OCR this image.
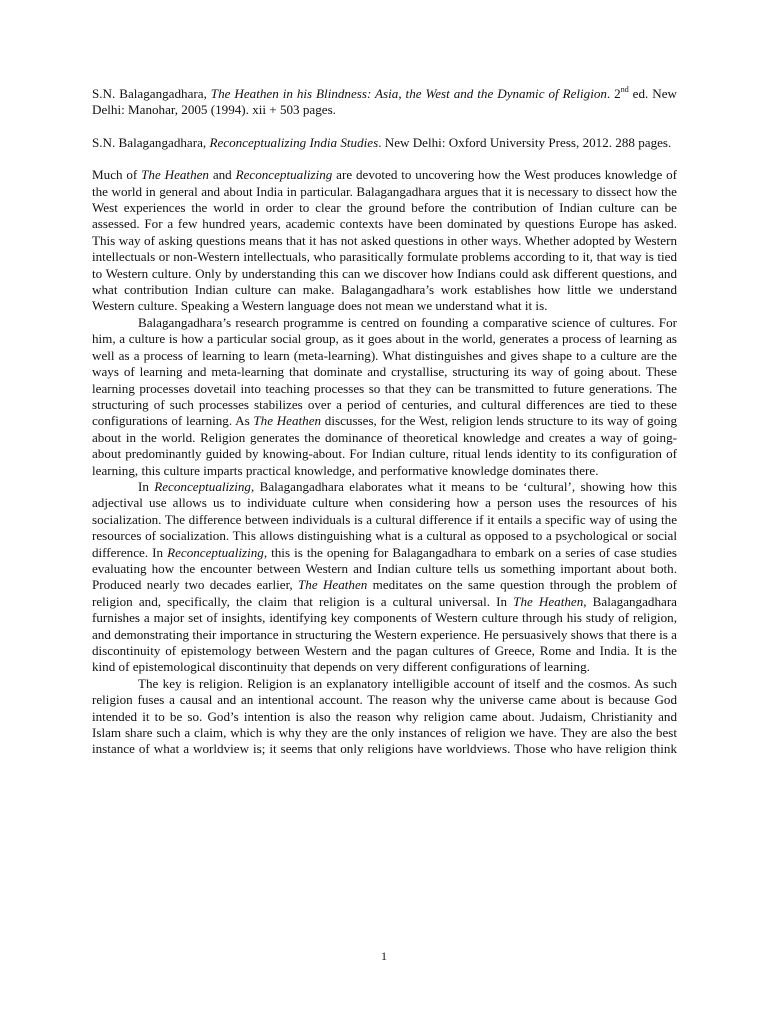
S.N. Balagangadhara, The Heathen in his Blindness: Asia, the West and the Dynamic of Religion. 2nd ed. New Delhi: Manohar, 2005 (1994). xii + 503 pages.

S.N. Balagangadhara, Reconceptualizing India Studies. New Delhi: Oxford University Press, 2012. 288 pages.

Much of The Heathen and Reconceptualizing are devoted to uncovering how the West produces knowledge of the world in general and about India in particular. Balagangadhara argues that it is necessary to dissect how the West experiences the world in order to clear the ground before the contribution of Indian culture can be assessed. For a few hundred years, academic contexts have been dominated by questions Europe has asked. This way of asking questions means that it has not asked questions in other ways. Whether adopted by Western intellectuals or non-Western intellectuals, who parasitically formulate problems according to it, that way is tied to Western culture. Only by understanding this can we discover how Indians could ask different questions, and what contribution Indian culture can make. Balagangadhara’s work establishes how little we understand Western culture. Speaking a Western language does not mean we understand what it is.

Balagangadhara’s research programme is centred on founding a comparative science of cultures. For him, a culture is how a particular social group, as it goes about in the world, generates a process of learning as well as a process of learning to learn (meta-learning). What distinguishes and gives shape to a culture are the ways of learning and meta-learning that dominate and crystallise, structuring its way of going about. These learning processes dovetail into teaching processes so that they can be transmitted to future generations. The structuring of such processes stabilizes over a period of centuries, and cultural differences are tied to these configurations of learning. As The Heathen discusses, for the West, religion lends structure to its way of going about in the world. Religion generates the dominance of theoretical knowledge and creates a way of going-about predominantly guided by knowing-about. For Indian culture, ritual lends identity to its configuration of learning, this culture imparts practical knowledge, and performative knowledge dominates there.

In Reconceptualizing, Balagangadhara elaborates what it means to be ‘cultural’, showing how this adjectival use allows us to individuate culture when considering how a person uses the resources of his socialization. The difference between individuals is a cultural difference if it entails a specific way of using the resources of socialization. This allows distinguishing what is a cultural as opposed to a psychological or social difference. In Reconceptualizing, this is the opening for Balagangadhara to embark on a series of case studies evaluating how the encounter between Western and Indian culture tells us something important about both. Produced nearly two decades earlier, The Heathen meditates on the same question through the problem of religion and, specifically, the claim that religion is a cultural universal. In The Heathen, Balagangadhara furnishes a major set of insights, identifying key components of Western culture through his study of religion, and demonstrating their importance in structuring the Western experience. He persuasively shows that there is a discontinuity of epistemology between Western and the pagan cultures of Greece, Rome and India. It is the kind of epistemological discontinuity that depends on very different configurations of learning.

The key is religion. Religion is an explanatory intelligible account of itself and the cosmos. As such religion fuses a causal and an intentional account. The reason why the universe came about is because God intended it to be so. God’s intention is also the reason why religion came about. Judaism, Christianity and Islam share such a claim, which is why they are the only instances of religion we have. They are also the best instance of what a worldview is; it seems that only religions have worldviews. Those who have religion think

1
